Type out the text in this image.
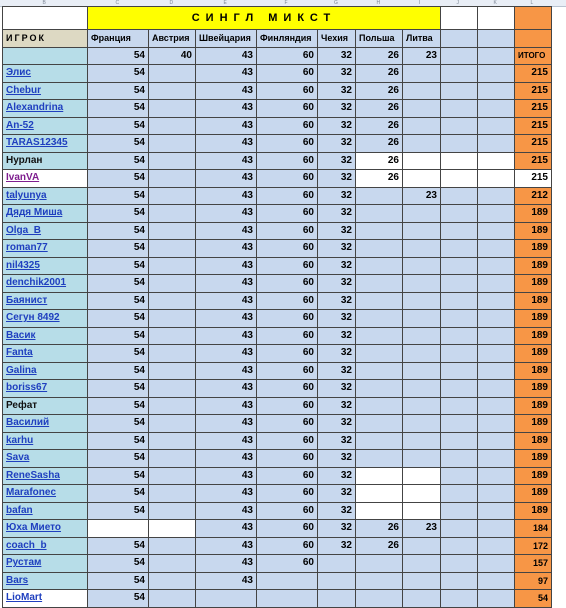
B	C	D	E	F	G	H	I	J	K	L
	СИНГЛ МИКСТ									
ИГРОК	Франция	Австрия	Швейцария	Финляндия	Чехия	Польша	Литва			
	54	40	43	60	32	26	23			ИТОГО
Элис	54		43	60	32	26				215
Chebur	54		43	60	32	26				215
Alexandrina	54		43	60	32	26				215
An-52	54		43	60	32	26				215
TARAS12345	54		43	60	32	26				215
Нурлан	54		43	60	32	26				215
IvanVA	54		43	60	32	26				215
talyunya	54		43	60	32		23			212
Дядя Миша	54		43	60	32					189
Olga_B	54		43	60	32					189
roman77	54		43	60	32					189
nil4325	54		43	60	32					189
denchik2001	54		43	60	32					189
Баянист	54		43	60	32					189
Сегун 8492	54		43	60	32					189
Васик	54		43	60	32					189
Fanta	54		43	60	32					189
Galina	54		43	60	32					189
boriss67	54		43	60	32					189
Рефат	54		43	60	32					189
Василий	54		43	60	32					189
karhu	54		43	60	32					189
Sava	54		43	60	32					189
ReneSasha	54		43	60	32					189
Marafonec	54		43	60	32					189
bafan	54		43	60	32					189
Юха Мието			43	60	32	26	23			184
coach_b	54		43	60	32	26				172
Рустам	54		43	60						157
Bars	54		43							97
LioMart	54									54
